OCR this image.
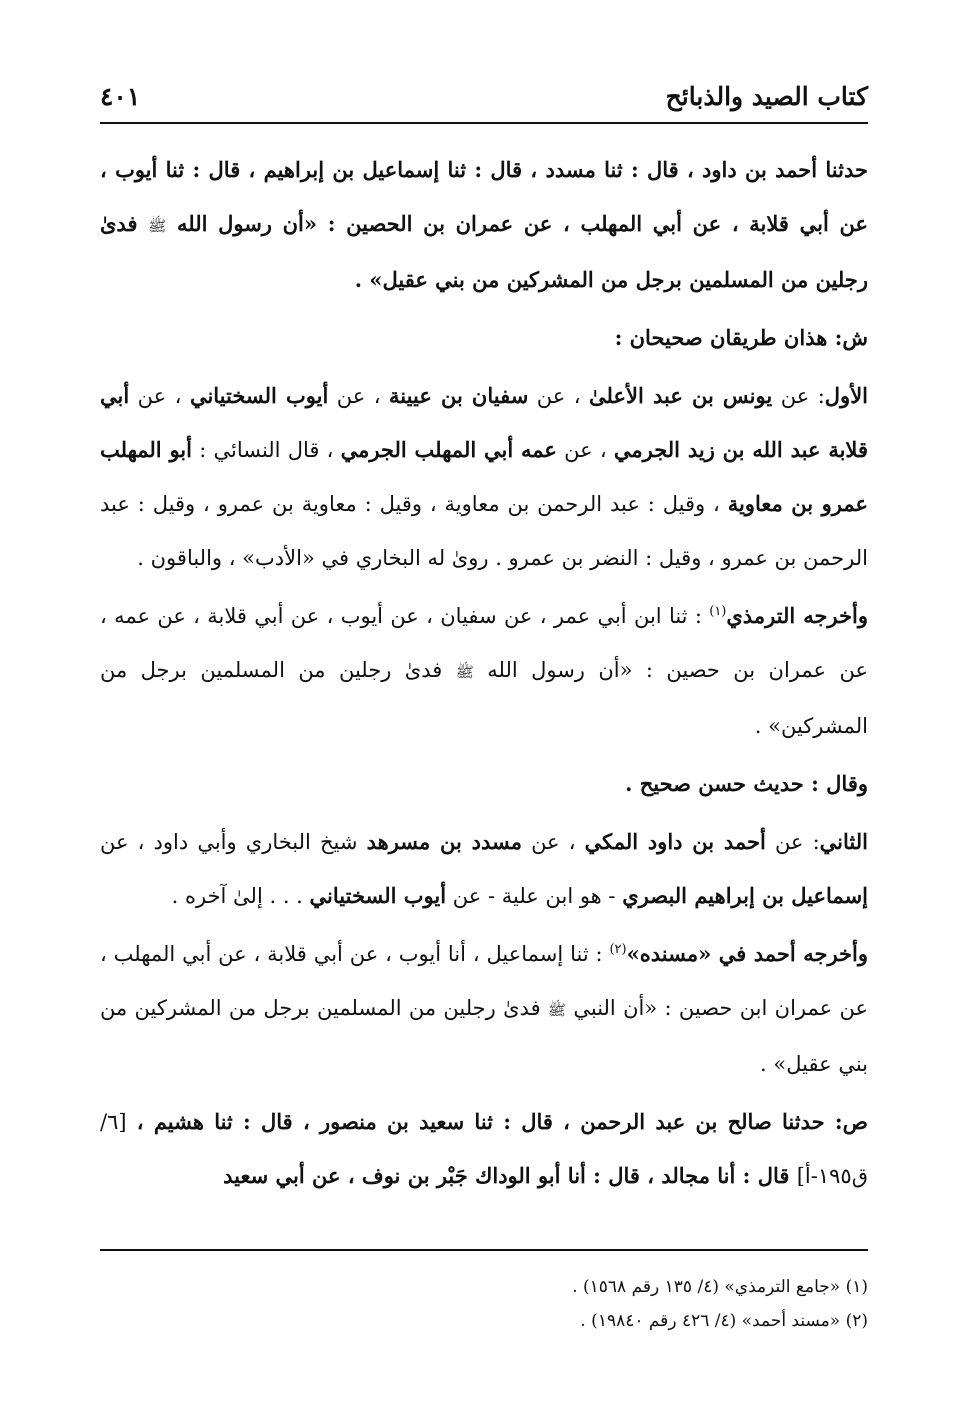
كتاب الصيد والذبائح
٤٠١

حدثنا أحمد بن داود ، قال : ثنا مسدد ، قال : ثنا إسماعيل بن إبراهيم ، قال : ثنا أيوب ، عن أبي قلابة ، عن أبي المهلب ، عن عمران بن الحصين : «أن رسول الله ﷺ فدىٰ رجلين من المسلمين برجل من المشركين من بني عقيل» .

ش: هذان طريقان صحيحان :

الأول: عن يونس بن عبد الأعلىٰ ، عن سفيان بن عيينة ، عن أيوب السختياني ، عن أبي قلابة عبد الله بن زيد الجرمي ، عن عمه أبي المهلب الجرمي ، قال النسائي : أبو المهلب عمرو بن معاوية ، وقيل : عبد الرحمن بن معاوية ، وقيل : معاوية بن عمرو ، وقيل : عبد الرحمن بن عمرو ، وقيل : النضر بن عمرو . روىٰ له البخاري في «الأدب» ، والباقون .

وأخرجه الترمذي$^{(١)}$ : ثنا ابن أبي عمر ، عن سفيان ، عن أيوب ، عن أبي قلابة ، عن عمه ، عن عمران بن حصين : «أن رسول الله ﷺ فدىٰ رجلين من المسلمين برجل من المشركين» .

وقال : حديث حسن صحيح .

الثاني: عن أحمد بن داود المكي ، عن مسدد بن مسرهد شيخ البخاري وأبي داود ، عن إسماعيل بن إبراهيم البصري - هو ابن علية - عن أيوب السختياني . . . إلىٰ آخره .

وأخرجه أحمد في «مسنده»$^{(٢)}$ : ثنا إسماعيل ، أنا أيوب ، عن أبي قلابة ، عن أبي المهلب ، عن عمران ابن حصين : «أن النبي ﷺ فدىٰ رجلين من المسلمين برجل من المشركين من بني عقيل» .

ص: حدثنا صالح بن عبد الرحمن ، قال : ثنا سعيد بن منصور ، قال : ثنا هشيم ، [٦/ ق١٩٥-أ] قال : أنا مجالد ، قال : أنا أبو الوداك جَبْر بن نوف ، عن أبي سعيد

(١) «جامع الترمذي» (٤/ ١٣٥ رقم ١٥٦٨) .

(٢) «مسند أحمد» (٤/ ٤٢٦ رقم ١٩٨٤٠) .
